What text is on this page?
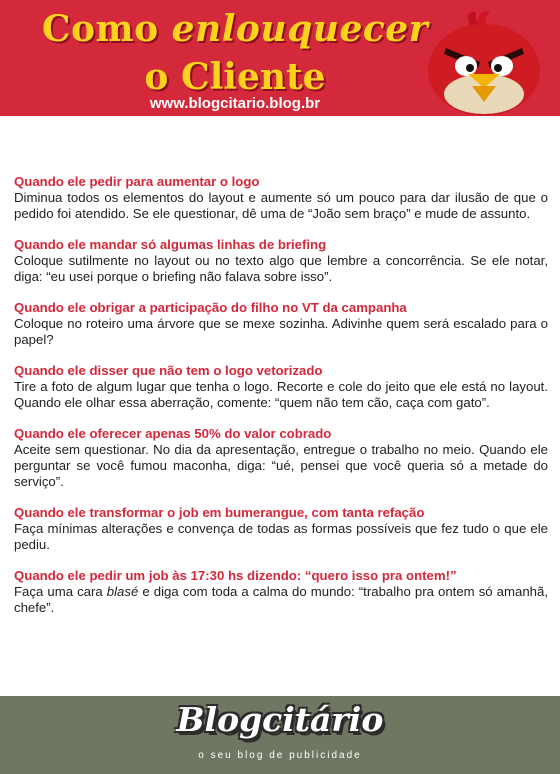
Como enlouquecer
o Cliente
www.blogcitario.blog.br
Quando ele pedir para aumentar o logo
Diminua todos os elementos do layout e aumente só um pouco para dar ilusão de que o pedido foi atendido. Se ele questionar, dê uma de “João sem braço” e mude de assunto.
Quando ele mandar só algumas linhas de briefing
Coloque sutilmente no layout ou no texto algo que lembre a concorrência. Se ele notar, diga: “eu usei porque o briefing não falava sobre isso”.
Quando ele obrigar a participação do filho no VT da campanha
Coloque no roteiro uma árvore que se mexe sozinha. Adivinhe quem será escalado para o papel?
Quando ele disser que não tem o logo vetorizado
Tire a foto de algum lugar que tenha o logo. Recorte e cole do jeito que ele está no layout. Quando ele olhar essa aberração, comente: “quem não tem cão, caça com gato”.
Quando ele oferecer apenas 50% do valor cobrado
Aceite sem questionar. No dia da apresentação, entregue o trabalho no meio. Quando ele perguntar se você fumou maconha, diga: “ué, pensei que você queria só a metade do serviço”.
Quando ele transformar o job em bumerangue, com tanta refação
Faça mínimas alterações e convença de todas as formas possíveis que fez tudo o que ele pediu.
Quando ele pedir um job às 17:30 hs dizendo: “quero isso pra ontem!”
Faça uma cara blasé e diga com toda a calma do mundo: “trabalho pra ontem só amanhã, chefe”.
Blogcitário
o seu blog de publicidade
